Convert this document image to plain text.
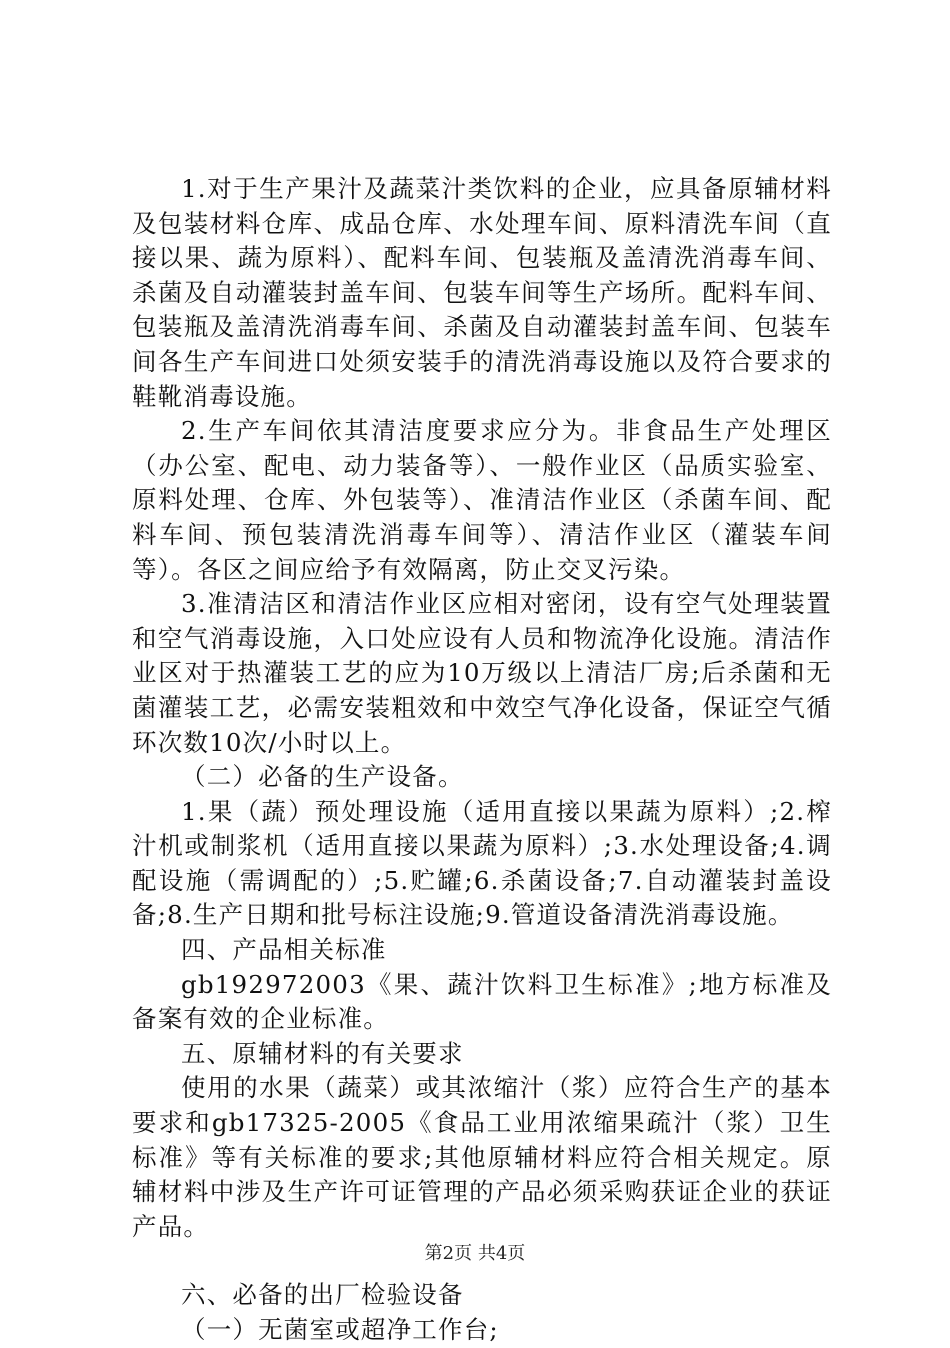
1.对于生产果汁及蔬菜汁类饮料的企业，应具备原辅材料及包装材料仓库、成品仓库、水处理车间、原料清洗车间（直接以果、蔬为原料）、配料车间、包装瓶及盖清洗消毒车间、杀菌及自动灌装封盖车间、包装车间等生产场所。配料车间、包装瓶及盖清洗消毒车间、杀菌及自动灌装封盖车间、包装车间各生产车间进口处须安装手的清洗消毒设施以及符合要求的鞋靴消毒设施。

2.生产车间依其清洁度要求应分为。非食品生产处理区（办公室、配电、动力装备等）、一般作业区（品质实验室、原料处理、仓库、外包装等）、准清洁作业区（杀菌车间、配料车间、预包装清洗消毒车间等）、清洁作业区（灌装车间等）。各区之间应给予有效隔离，防止交叉污染。

3.准清洁区和清洁作业区应相对密闭，设有空气处理装置和空气消毒设施，入口处应设有人员和物流净化设施。清洁作业区对于热灌装工艺的应为10万级以上清洁厂房;后杀菌和无菌灌装工艺，必需安装粗效和中效空气净化设备，保证空气循环次数10次/小时以上。

（二）必备的生产设备。

1.果（蔬）预处理设施（适用直接以果蔬为原料）;2.榨汁机或制浆机（适用直接以果蔬为原料）;3.水处理设备;4.调配设施（需调配的）;5.贮罐;6.杀菌设备;7.自动灌装封盖设备;8.生产日期和批号标注设施;9.管道设备清洗消毒设施。

四、产品相关标准

gb192972003《果、蔬汁饮料卫生标准》;地方标准及备案有效的企业标准。

五、原辅材料的有关要求

使用的水果（蔬菜）或其浓缩汁（浆）应符合生产的基本要求和gb17325-2005《食品工业用浓缩果疏汁（浆）卫生标准》等有关标准的要求;其他原辅材料应符合相关规定。原辅材料中涉及生产许可证管理的产品必须采购获证企业的获证产品。

六、必备的出厂检验设备

（一）无菌室或超净工作台;

第2页 共4页
